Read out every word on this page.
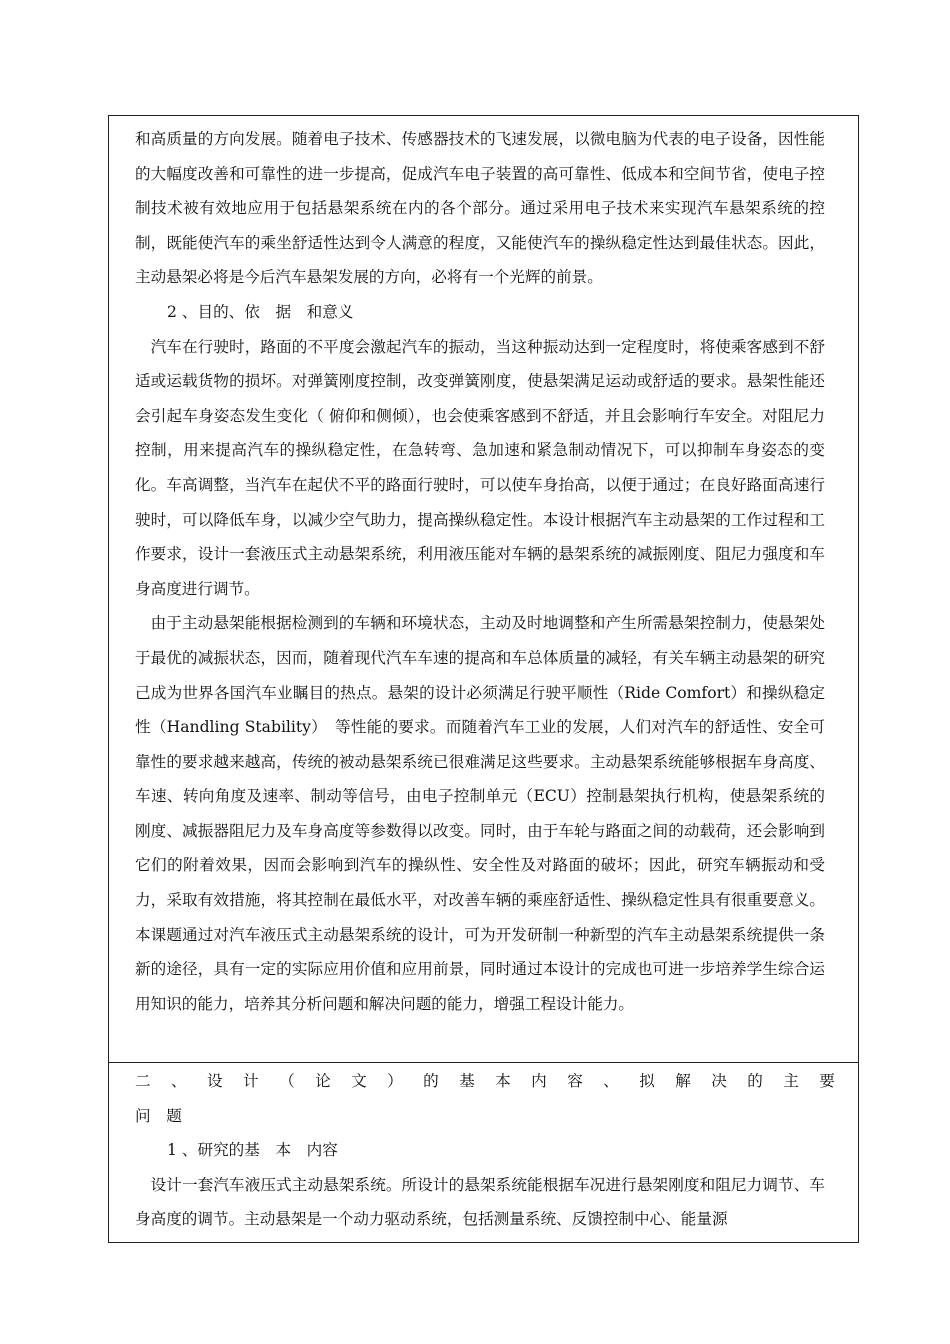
和高质量的方向发展。随着电子技术、传感器技术的飞速发展，以微电脑为代表的电子设备，因性能的大幅度改善和可靠性的进一步提高，促成汽车电子装置的高可靠性、低成本和空间节省，使电子控制技术被有效地应用于包括悬架系统在内的各个部分。通过采用电子技术来实现汽车悬架系统的控制，既能使汽车的乘坐舒适性达到令人满意的程度，又能使汽车的操纵稳定性达到最佳状态。因此，主动悬架必将是今后汽车悬架发展的方向，必将有一个光辉的前景。

2 、目的、依　据　和意义

汽车在行驶时，路面的不平度会激起汽车的振动，当这种振动达到一定程度时，将使乘客感到不舒适或运载货物的损坏。对弹簧刚度控制，改变弹簧刚度，使悬架满足运动或舒适的要求。悬架性能还会引起车身姿态发生变化（ 俯仰和侧倾），也会使乘客感到不舒适，并且会影响行车安全。对阻尼力控制，用来提高汽车的操纵稳定性，在急转弯、急加速和紧急制动情况下，可以抑制车身姿态的变化。车高调整，当汽车在起伏不平的路面行驶时，可以使车身抬高，以便于通过；在良好路面高速行驶时，可以降低车身，以减少空气助力，提高操纵稳定性。本设计根据汽车主动悬架的工作过程和工作要求，设计一套液压式主动悬架系统，利用液压能对车辆的悬架系统的减振刚度、阻尼力强度和车身高度进行调节。

由于主动悬架能根据检测到的车辆和环境状态，主动及时地调整和产生所需悬架控制力，使悬架处于最优的减振状态，因而，随着现代汽车车速的提高和车总体质量的减轻，有关车辆主动悬架的研究己成为世界各国汽车业瞩目的热点。悬架的设计必须满足行驶平顺性（Ride Comfort）和操纵稳定性（Handling Stability）　等性能的要求。而随着汽车工业的发展，人们对汽车的舒适性、安全可靠性的要求越来越高，传统的被动悬架系统已很难满足这些要求。主动悬架系统能够根据车身高度、车速、转向角度及速率、制动等信号，由电子控制单元（ECU）控制悬架执行机构，使悬架系统的刚度、减振器阻尼力及车身高度等参数得以改变。同时，由于车轮与路面之间的动载荷，还会影响到它们的附着效果，因而会影响到汽车的操纵性、安全性及对路面的破坏；因此，研究车辆振动和受力，采取有效措施，将其控制在最低水平，对改善车辆的乘座舒适性、操纵稳定性具有很重要意义。本课题通过对汽车液压式主动悬架系统的设计，可为开发研制一种新型的汽车主动悬架系统提供一条新的途径，具有一定的实际应用价值和应用前景，同时通过本设计的完成也可进一步培养学生综合运用知识的能力，培养其分析问题和解决问题的能力，增强工程设计能力。

二 、 设 计 （ 论 文 ） 的 基 本 内 容 、 拟 解 决 的 主 要

问　题

1 、研究的基　本　内容

设计一套汽车液压式主动悬架系统。所设计的悬架系统能根据车况进行悬架刚度和阻尼力调节、车身高度的调节。主动悬架是一个动力驱动系统，包括测量系统、反馈控制中心、能量源
